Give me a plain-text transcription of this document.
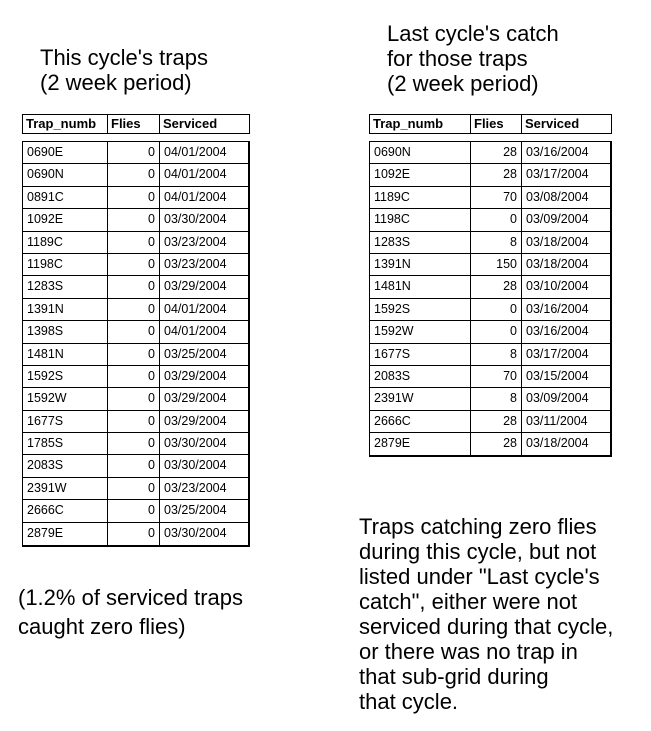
This cycle's traps
(2 week period)
Last cycle's catch
for those traps
(2 week period)
Trap_numb	Flies	Serviced
0690E	0 04/01/2004
0690N	0 04/01/2004
0891C	0 04/01/2004
1092E	0 03/30/2004
1189C	0 03/23/2004
1198C	0 03/23/2004
1283S	0 03/29/2004
1391N	0 04/01/2004
1398S	0 04/01/2004
1481N	0 03/25/2004
1592S	0 03/29/2004
1592W	0 03/29/2004
1677S	0 03/29/2004
1785S	0 03/30/2004
2083S	0 03/30/2004
2391W	0 03/23/2004
2666C	0 03/25/2004
2879E	0 03/30/2004
Trap_numb	Flies	Serviced
0690N	28 03/16/2004
1092E	28 03/17/2004
1189C	70 03/08/2004
1198C	0 03/09/2004
1283S	8 03/18/2004
1391N	150 03/18/2004
1481N	28 03/10/2004
1592S	0 03/16/2004
1592W	0 03/16/2004
1677S	8 03/17/2004
2083S	70 03/15/2004
2391W	8 03/09/2004
2666C	28 03/11/2004
2879E	28 03/18/2004
(1.2% of serviced traps
caught zero flies)
Traps catching zero flies
during this cycle, but not
listed under "Last cycle's
catch", either were not
serviced during that cycle,
or there was no trap in
that sub-grid during
that cycle.
